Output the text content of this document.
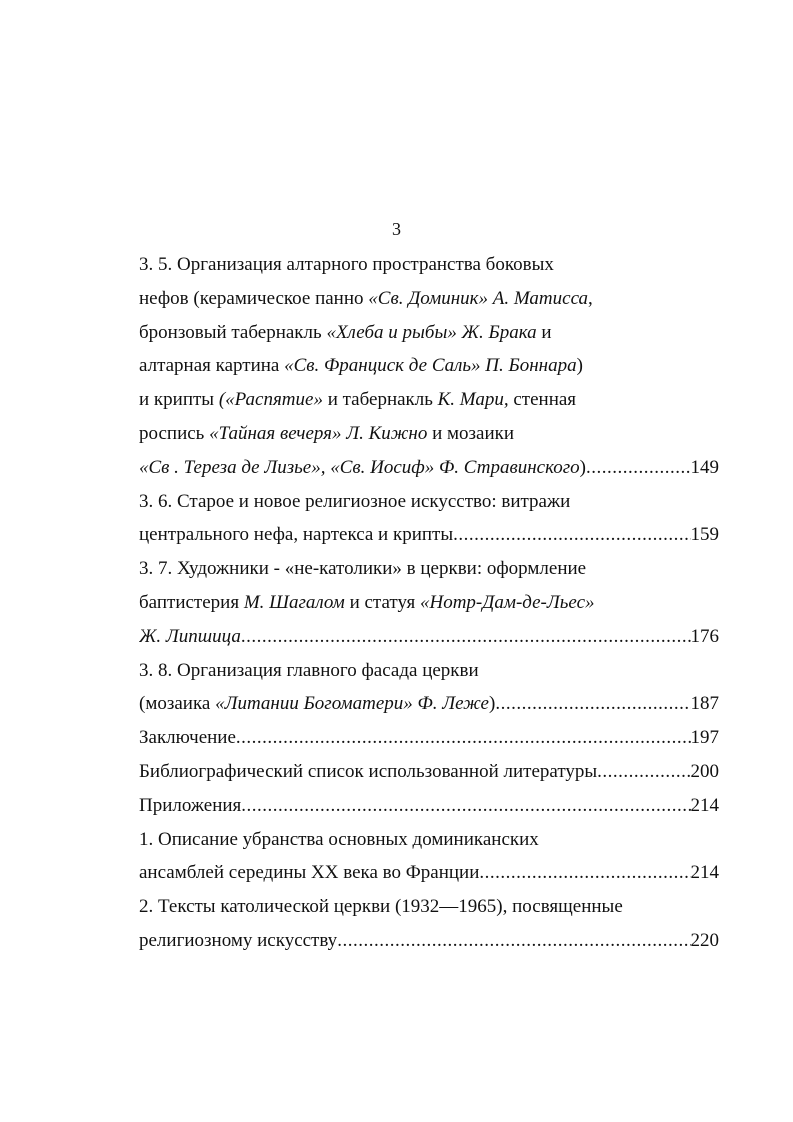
3
3. 5. Организация алтарного пространства боковых
нефов (керамическое панно «Св. Доминик» А. Матисса,
бронзовый табернакль «Хлеба и рыбы» Ж. Брака и
алтарная картина «Св. Франциск де Саль» П. Боннара)
и крипты («Распятие» и табернакль К. Мари, стенная
роспись «Тайная вечеря» Л. Кижно и мозаики
«Св . Тереза де Лизье», «Св. Иосиф» Ф. Стравинского) .....	149
3. 6. Старое и новое религиозное искусство: витражи
центрального нефа, нартекса и крипты .....	159
3. 7. Художники - «не-католики» в церкви: оформление
баптистерия М. Шагалом и статуя «Нотр-Дам-де-Льес»
Ж. Липшица .....	176
3. 8. Организация главного фасада церкви
(мозаика «Литании Богоматери» Ф. Леже) .....	187
Заключение .....	197
Библиографический список использованной литературы .....	200
Приложения .....	214
1. Описание убранства основных доминиканских
ансамблей середины XX века во Франции .....	214
2. Тексты католической церкви (1932—1965), посвященные
религиозному искусству .....	220
